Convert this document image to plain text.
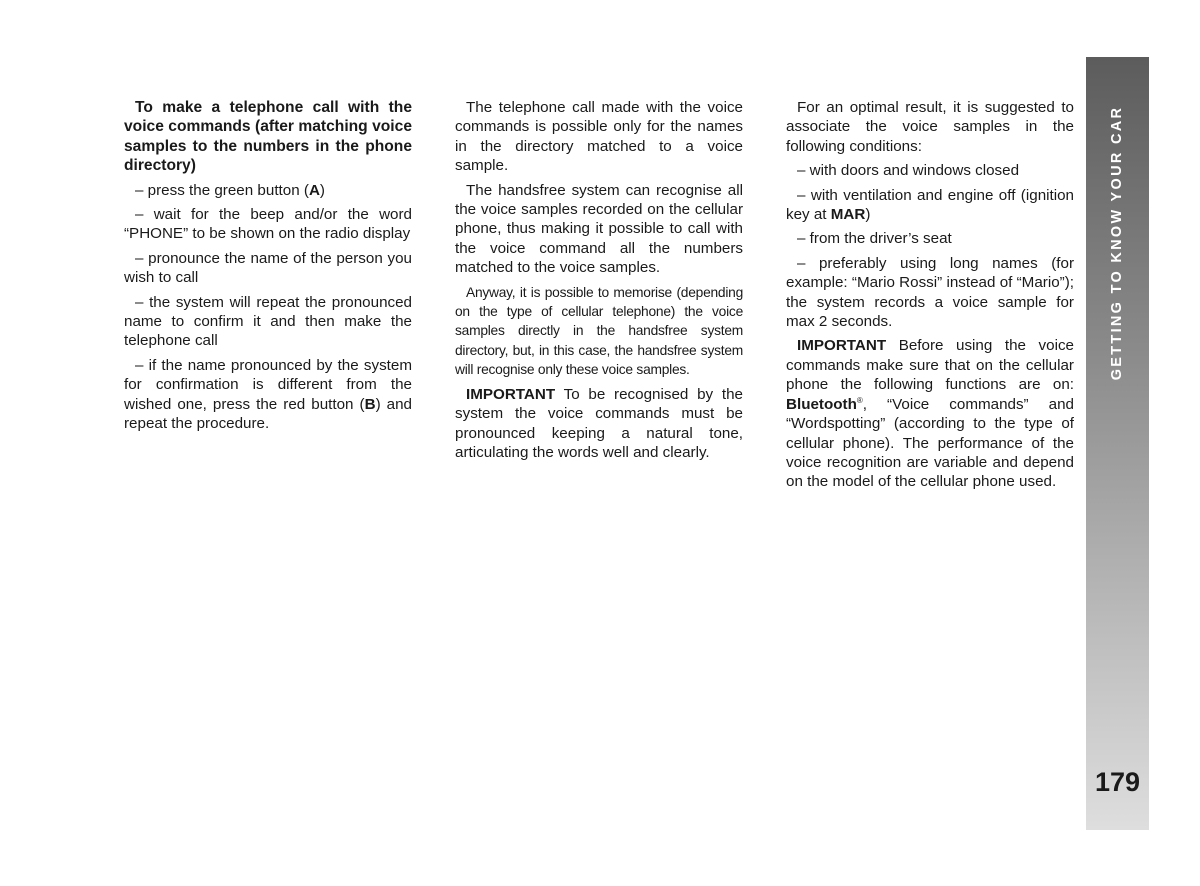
To make a telephone call with the voice commands (after matching voice samples to the numbers in the phone directory)

– press the green button (A)

– wait for the beep and/or the word “PHONE” to be shown on the radio display

– pronounce the name of the person you wish to call

– the system will repeat the pronounced name to confirm it and then make the telephone call

– if the name pronounced by the system for confirmation is different from the wished one, press the red button (B) and repeat the procedure.

The telephone call made with the voice commands is possible only for the names in the directory matched to a voice sample.

The handsfree system can recognise all the voice samples recorded on the cellular phone, thus making it possible to call with the voice command all the numbers matched to the voice samples.

Anyway, it is possible to memorise (depending on the type of cellular telephone) the voice samples directly in the handsfree system directory, but, in this case, the handsfree system will recognise only these voice samples.

IMPORTANT To be recognised by the system the voice commands must be pronounced keeping a natural tone, articulating the words well and clearly.

For an optimal result, it is suggested to associate the voice samples in the following conditions:

– with doors and windows closed

– with ventilation and engine off (ignition key at MAR)

– from the driver’s seat

– preferably using long names (for example: “Mario Rossi” instead of “Mario”); the system records a voice sample for max 2 seconds.

IMPORTANT Before using the voice commands make sure that on the cellular phone the following functions are on: Bluetooth®, “Voice commands” and “Wordspotting” (according to the type of cellular phone). The performance of the voice recognition are variable and depend on the model of the cellular phone used.

GETTING TO KNOW YOUR CAR
179
